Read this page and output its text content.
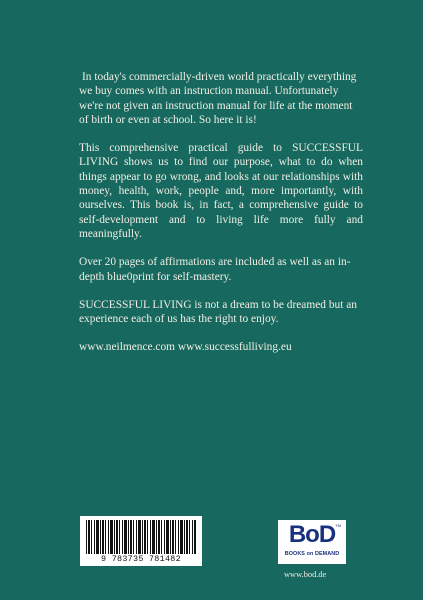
In today's commercially-driven world practically everything we buy comes with an instruction manual. Unfortunately we're not given an instruction manual for life at the moment of birth or even at school. So here it is!

This comprehensive practical guide to SUCCESSFUL LIVING shows us to find our purpose, what to do when things appear to go wrong, and looks at our relationships with money, health, work, people and, more importantly, with ourselves. This book is, in fact, a comprehensive guide to self-development and to living life more fully and meaningfully.

Over 20 pages of affirmations are included as well as an in-depth blue0print for self-mastery.

SUCCESSFUL LIVING is not a dream to be dreamed but an experience each of us has the right to enjoy.

www.neilmence.com www.successfulliving.eu

9 783735 781482
BoD TM
BOOKS on DEMAND
www.bod.de
